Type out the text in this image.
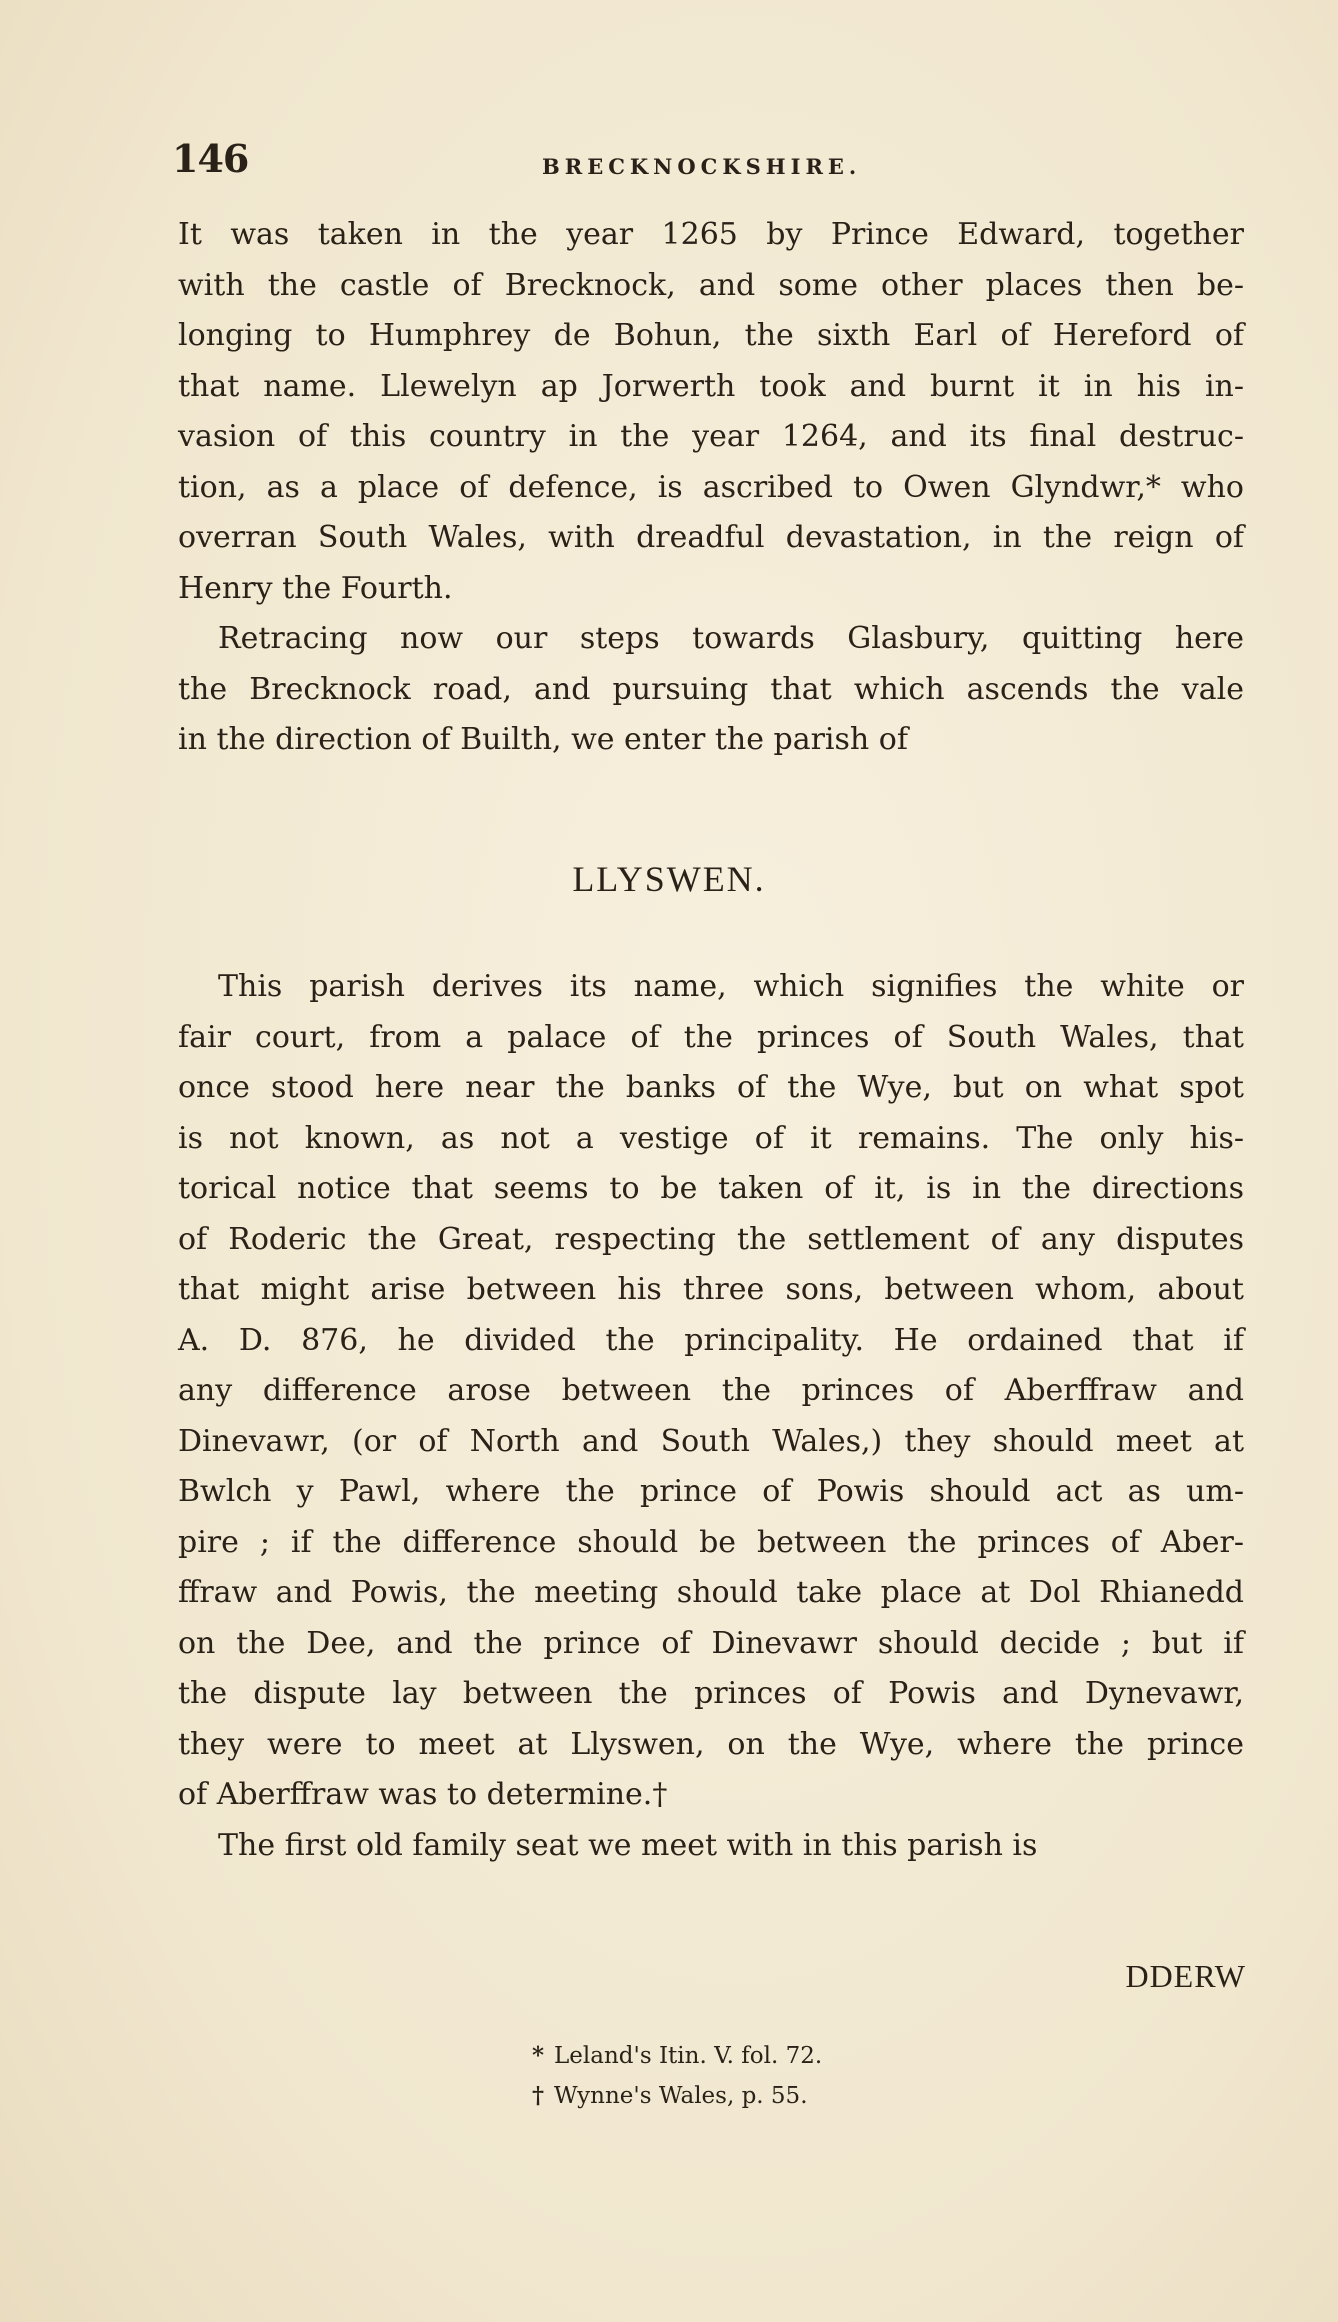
146	BRECKNOCKSHIRE.
It was taken in the year 1265 by Prince Edward, together
with the castle of Brecknock, and some other places then be-
longing to Humphrey de Bohun, the sixth Earl of Hereford of
that name. Llewelyn ap Jorwerth took and burnt it in his in-
vasion of this country in the year 1264, and its final destruc-
tion, as a place of defence, is ascribed to Owen Glyndwr,* who
overran South Wales, with dreadful devastation, in the reign of
Henry the Fourth.
Retracing now our steps towards Glasbury, quitting here
the Brecknock road, and pursuing that which ascends the vale
in the direction of Builth, we enter the parish of
LLYSWEN.
This parish derives its name, which signifies the white or
fair court, from a palace of the princes of South Wales, that
once stood here near the banks of the Wye, but on what spot
is not known, as not a vestige of it remains. The only his-
torical notice that seems to be taken of it, is in the directions
of Roderic the Great, respecting the settlement of any disputes
that might arise between his three sons, between whom, about
A. D. 876, he divided the principality. He ordained that if
any difference arose between the princes of Aberffraw and
Dinevawr, (or of North and South Wales,) they should meet at
Bwlch y Pawl, where the prince of Powis should act as um-
pire ; if the difference should be between the princes of Aber-
ffraw and Powis, the meeting should take place at Dol Rhianedd
on the Dee, and the prince of Dinevawr should decide ; but if
the dispute lay between the princes of Powis and Dynevawr,
they were to meet at Llyswen, on the Wye, where the prince
of Aberffraw was to determine.†
The first old family seat we meet with in this parish is
DDERW
* Leland's Itin. V. fol. 72.
† Wynne's Wales, p. 55.
